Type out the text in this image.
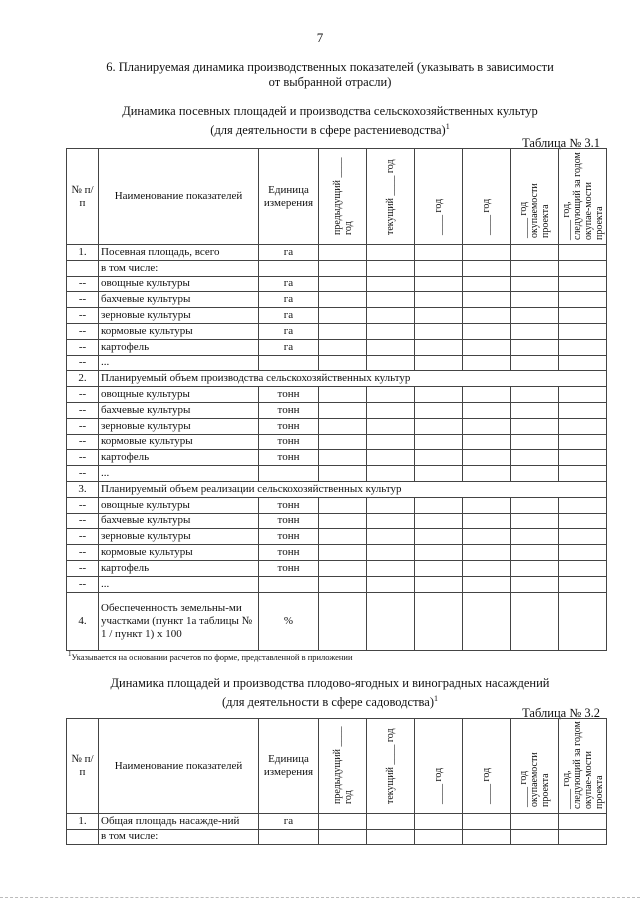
7
6. Планируемая динамика производственных показателей (указывать в зависимости
от выбранной отрасли)
Динамика посевных площадей и производства сельскохозяйственных культур
(для деятельности в сфере растениеводства)$^1$
Таблица № 3.1
№ п/п	Наименование показателей	Единица измерения	предыдущий ____ год	текущий ____ год	____ год	____ год	____ год окупаемости проекта	____ год, следующий за годом окупае-мости проекта
1.	Посевная площадь, всего	га						
	в том числе:							
--	овощные культуры	га						
--	бахчевые культуры	га						
--	зерновые культуры	га						
--	кормовые культуры	га						
--	картофель	га						
--	...							
2.	Планируемый объем производства сельскохозяйственных культур							
--	овощные культуры	тонн						
--	бахчевые культуры	тонн						
--	зерновые культуры	тонн						
--	кормовые культуры	тонн						
--	картофель	тонн						
--	...							
3.	Планируемый объем реализации сельскохозяйственных культур							
--	овощные культуры	тонн						
--	бахчевые культуры	тонн						
--	зерновые культуры	тонн						
--	кормовые культуры	тонн						
--	картофель	тонн						
--	...							
4.	Обеспеченность земельны-ми участками (пункт 1а таблицы № 1 / пункт 1) x 100	%						
$^1$Указывается на основании расчетов по форме, представленной в приложении
Динамика площадей и производства плодово-ягодных и виноградных насаждений
(для деятельности в сфере садоводства)$^1$
Таблица № 3.2
№ п/п	Наименование показателей	Единица измерения	предыдущий ____ год	текущий ____ год	____ год	____ год	____ год окупаемости проекта	____ год, следующий за годом окупае-мости проекта
1.	Общая площадь насажде-ний	га						
	в том числе:							
